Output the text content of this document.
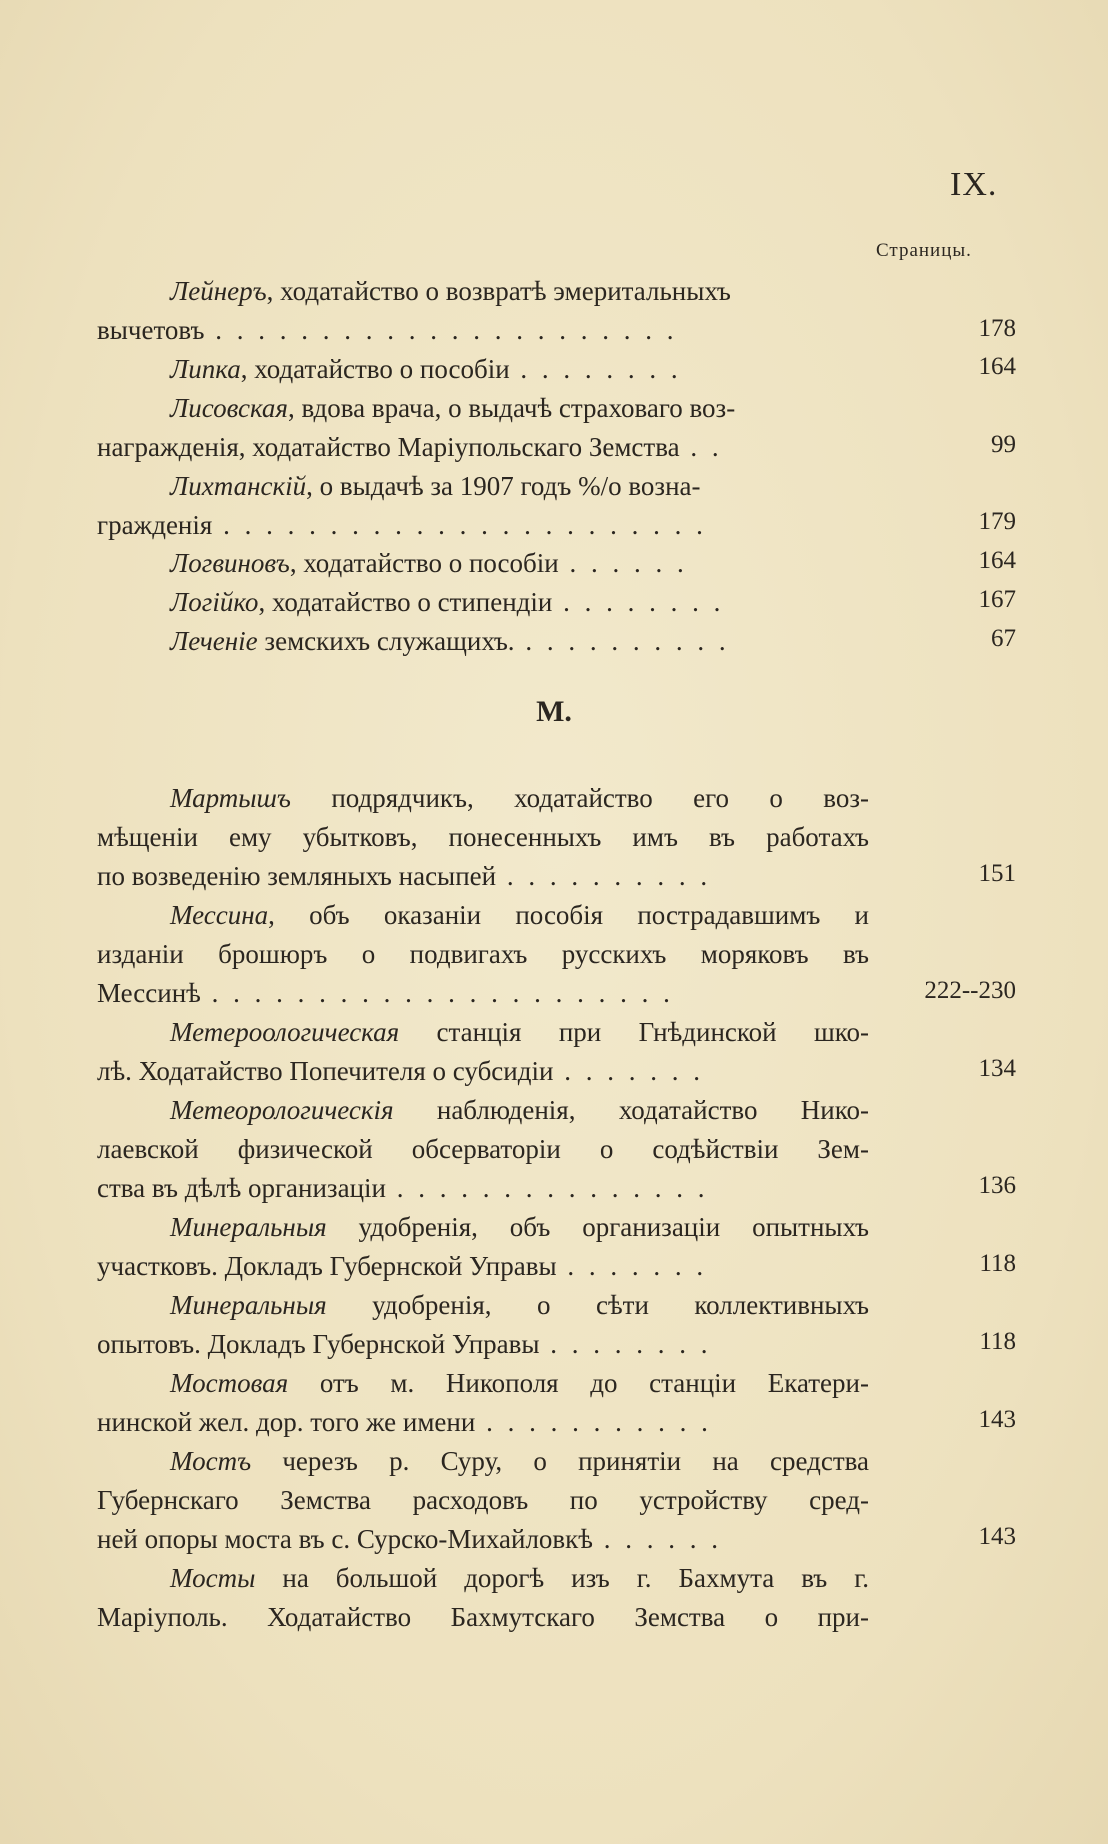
IX.
Страницы.
Лейнеръ, ходатайство о возвратѣ эмеритальныхъ
вычетовъ . . . . . . . . . . . . . . . . . . . . . .	178
Липка, ходатайство о пособiи . . . . . . . .	164
Лисовская, вдова врача, о выдачѣ страховаго воз-
награжденiя, ходатайство Марiупольскаго Земства . .	99
Лихтанскiй, о выдачѣ за 1907 годъ %/о возна-
гражденiя . . . . . . . . . . . . . . . . . . . . . . .	179
Логвиновъ, ходатайство о пособiи . . . . . .	164
Логiйко, ходатайство о стипендiи . . . . . . . .	167
Леченiе земскихъ служащихъ. . . . . . . . . . .	67
М.
Мартышъ подрядчикъ, ходатайство его о воз-
мѣщенiи ему убытковъ, понесенныхъ имъ въ работахъ
по возведенiю земляныхъ насыпей . . . . . . . . . .	151
Мессина, объ оказанiи пособiя пострадавшимъ и
изданiи брошюръ о подвигахъ русскихъ моряковъ въ
Мессинѣ . . . . . . . . . . . . . . . . . . . . . .	222--230
Метероологическая станцiя при Гнѣдинской шко-
лѣ. Ходатайство Попечителя о субсидiи . . . . . . .	134
Метеорологическiя наблюденiя, ходатайство Нико-
лаевской физической обсерваторiи о содѣйствiи Зем-
ства въ дѣлѣ организацiи . . . . . . . . . . . . . . .	136
Минеральныя удобренiя, объ организацiи опытныхъ
участковъ. Докладъ Губернской Управы . . . . . . .	118
Минеральныя удобренiя, о сѣти коллективныхъ
опытовъ. Докладъ Губернской Управы . . . . . . . .	118
Мостовая отъ м. Никополя до станцiи Екатери-
нинской жел. дор. того же имени . . . . . . . . . . .	143
Мостъ черезъ р. Суру, о принятiи на средства
Губернскаго Земства расходовъ по устройству сред-
ней опоры моста въ с. Сурско-Михайловкѣ . . . . . .	143
Мосты на большой дорогѣ изъ г. Бахмута въ г.
Марiуполь. Ходатайство Бахмутскаго Земства о при-
